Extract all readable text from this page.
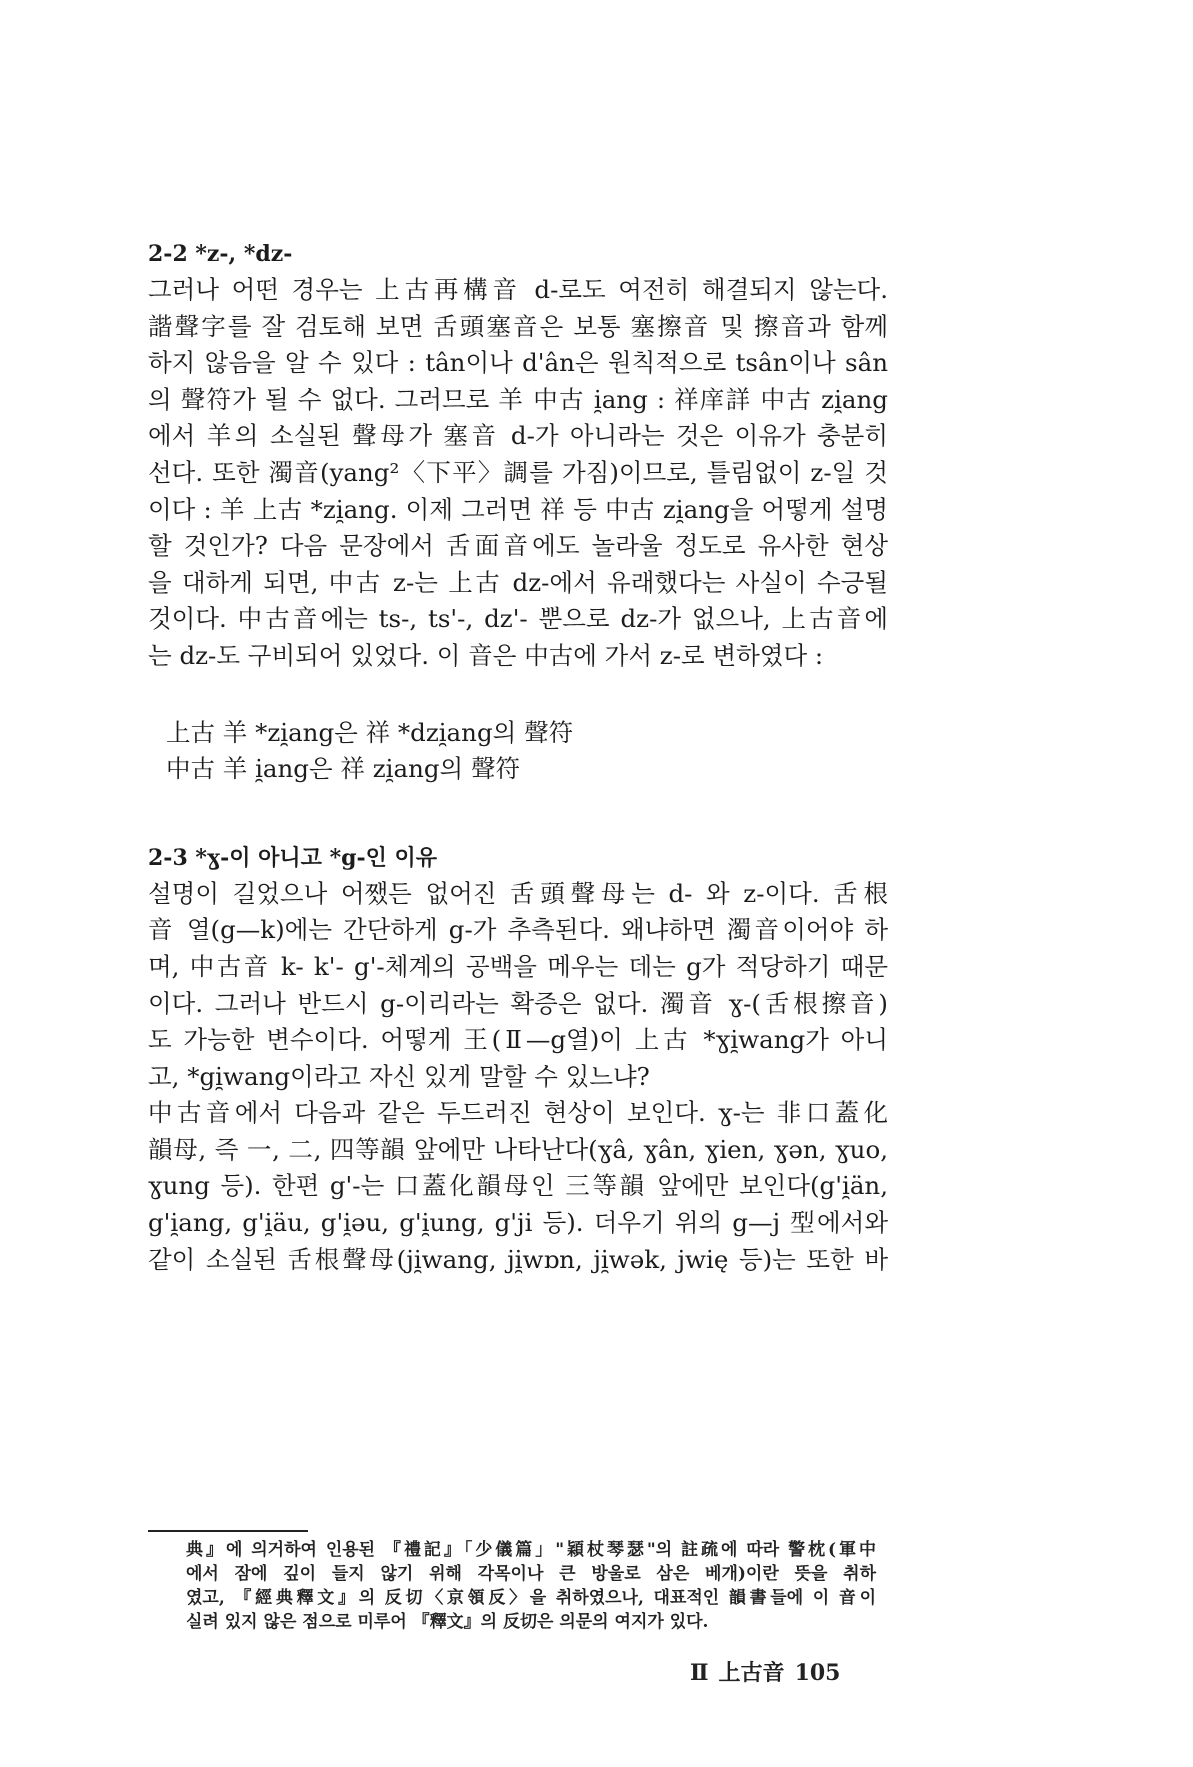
2-2 *z-, *dz-
그러나 어떤 경우는 上古再構音 d-로도 여전히 해결되지 않는다.
諧聲字를 잘 검토해 보면 舌頭塞音은 보통 塞擦音 및 擦音과 함께
하지 않음을 알 수 있다 : tân이나 d'ân은 원칙적으로 tsân이나 sân
의 聲符가 될 수 없다. 그러므로 羊 中古 i̯ang : 祥庠詳 中古 zi̯ang
에서 羊의 소실된 聲母가 塞音 d-가 아니라는 것은 이유가 충분히
선다. 또한 濁音(yang²〈下平〉調를 가짐)이므로, 틀림없이 z-일 것
이다 : 羊 上古 *zi̯ang. 이제 그러면 祥 등 中古 zi̯ang을 어떻게 설명
할 것인가? 다음 문장에서 舌面音에도 놀라울 정도로 유사한 현상
을 대하게 되면, 中古 z-는 上古 dz-에서 유래했다는 사실이 수긍될
것이다. 中古音에는 ts-, ts'-, dz'- 뿐으로 dz-가 없으나, 上古音에
는 dz-도 구비되어 있었다. 이 音은 中古에 가서 z-로 변하였다 :
上古 羊 *zi̯ang은 祥 *dzi̯ang의 聲符
中古 羊 i̯ang은 祥 zi̯ang의 聲符
2-3 *ɣ-이 아니고 *g-인 이유
설명이 길었으나 어쨌든 없어진 舌頭聲母는 d- 와 z-이다. 舌根
音 열(g—k)에는 간단하게 g-가 추측된다. 왜냐하면 濁音이어야 하
며, 中古音 k- k'- g'-체계의 공백을 메우는 데는 g가 적당하기 때문
이다. 그러나 반드시 g-이리라는 확증은 없다. 濁音 ɣ-(舌根擦音)
도 가능한 변수이다. 어떻게 王(Ⅱ—g열)이 上古 *ɣi̯wang가 아니
고, *gi̯wang이라고 자신 있게 말할 수 있느냐?
中古音에서 다음과 같은 두드러진 현상이 보인다. ɣ-는 非口蓋化
韻母, 즉 一, 二, 四等韻 앞에만 나타난다(ɣâ, ɣân, ɣien, ɣən, ɣuo,
ɣung 등). 한편 g'-는 口蓋化韻母인 三等韻 앞에만 보인다(g'i̯än,
g'i̯ang, g'i̯äu, g'i̯əu, g'i̯ung, g'ji 등). 더우기 위의 g—j 型에서와
같이 소실된 舌根聲母(ji̯wang, ji̯wɒn, ji̯wək, jwię 등)는 또한 바
典』에 의거하여 인용된 『禮記』「少儀篇」"穎杖琴瑟"의 註疏에 따라 警枕(軍中
에서 잠에 깊이 들지 않기 위해 각목이나 큰 방울로 삼은 베개)이란 뜻을 취하
였고, 『經典釋文』의 反切〈京領反〉을 취하였으나, 대표적인 韻書들에 이 音이
실려 있지 않은 점으로 미루어 『釋文』의 反切은 의문의 여지가 있다.
Ⅱ 上古音 105
